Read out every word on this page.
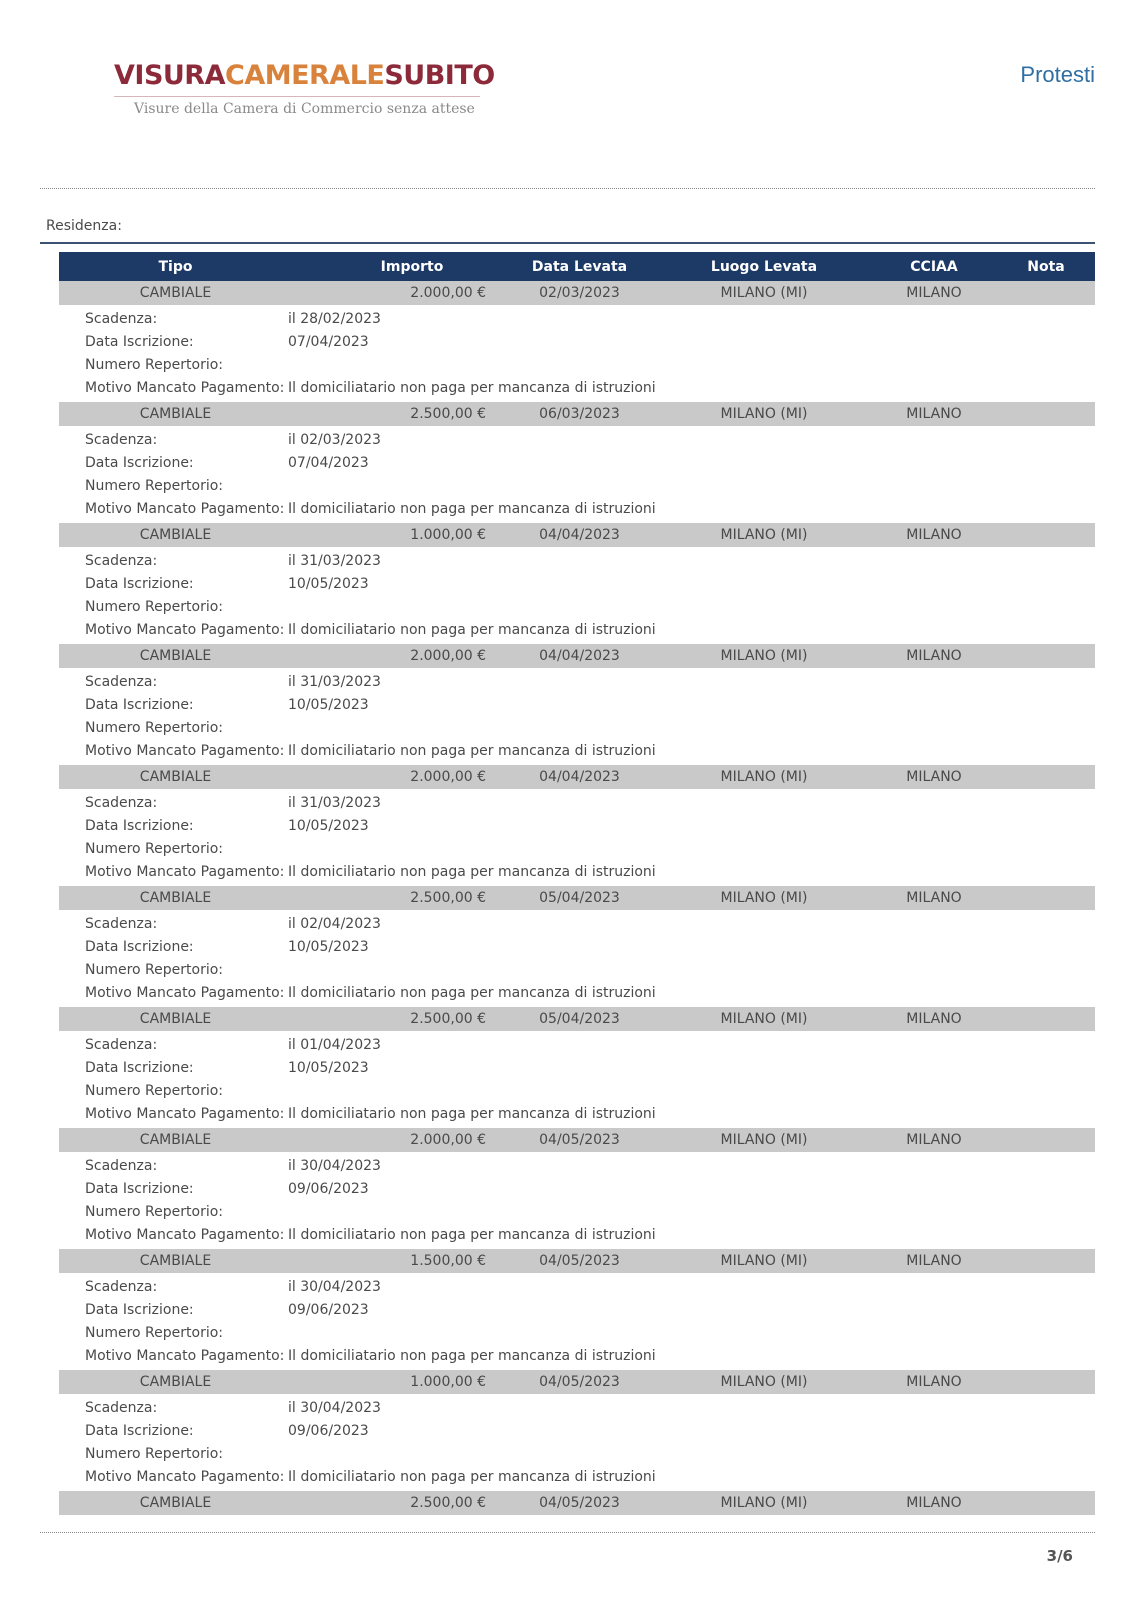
VISURACAMERALESUBITO
Visure della Camera di Commercio senza attese
Protesti
Residenza:
Tipo	Importo	Data Levata	Luogo Levata	CCIAA	Nota
CAMBIALE	2.000,00 €	02/03/2023	MILANO (MI)	MILANO
Scadenza:	il 28/02/2023
Data Iscrizione:	07/04/2023
Numero Repertorio:
Motivo Mancato Pagamento: Il domiciliatario non paga per mancanza di istruzioni
CAMBIALE	2.500,00 €	06/03/2023	MILANO (MI)	MILANO
Scadenza:	il 02/03/2023
Data Iscrizione:	07/04/2023
Numero Repertorio:
Motivo Mancato Pagamento: Il domiciliatario non paga per mancanza di istruzioni
CAMBIALE	1.000,00 €	04/04/2023	MILANO (MI)	MILANO
Scadenza:	il 31/03/2023
Data Iscrizione:	10/05/2023
Numero Repertorio:
Motivo Mancato Pagamento: Il domiciliatario non paga per mancanza di istruzioni
CAMBIALE	2.000,00 €	04/04/2023	MILANO (MI)	MILANO
Scadenza:	il 31/03/2023
Data Iscrizione:	10/05/2023
Numero Repertorio:
Motivo Mancato Pagamento: Il domiciliatario non paga per mancanza di istruzioni
CAMBIALE	2.000,00 €	04/04/2023	MILANO (MI)	MILANO
Scadenza:	il 31/03/2023
Data Iscrizione:	10/05/2023
Numero Repertorio:
Motivo Mancato Pagamento: Il domiciliatario non paga per mancanza di istruzioni
CAMBIALE	2.500,00 €	05/04/2023	MILANO (MI)	MILANO
Scadenza:	il 02/04/2023
Data Iscrizione:	10/05/2023
Numero Repertorio:
Motivo Mancato Pagamento: Il domiciliatario non paga per mancanza di istruzioni
CAMBIALE	2.500,00 €	05/04/2023	MILANO (MI)	MILANO
Scadenza:	il 01/04/2023
Data Iscrizione:	10/05/2023
Numero Repertorio:
Motivo Mancato Pagamento: Il domiciliatario non paga per mancanza di istruzioni
CAMBIALE	2.000,00 €	04/05/2023	MILANO (MI)	MILANO
Scadenza:	il 30/04/2023
Data Iscrizione:	09/06/2023
Numero Repertorio:
Motivo Mancato Pagamento: Il domiciliatario non paga per mancanza di istruzioni
CAMBIALE	1.500,00 €	04/05/2023	MILANO (MI)	MILANO
Scadenza:	il 30/04/2023
Data Iscrizione:	09/06/2023
Numero Repertorio:
Motivo Mancato Pagamento: Il domiciliatario non paga per mancanza di istruzioni
CAMBIALE	1.000,00 €	04/05/2023	MILANO (MI)	MILANO
Scadenza:	il 30/04/2023
Data Iscrizione:	09/06/2023
Numero Repertorio:
Motivo Mancato Pagamento: Il domiciliatario non paga per mancanza di istruzioni
CAMBIALE	2.500,00 €	04/05/2023	MILANO (MI)	MILANO
3/6
